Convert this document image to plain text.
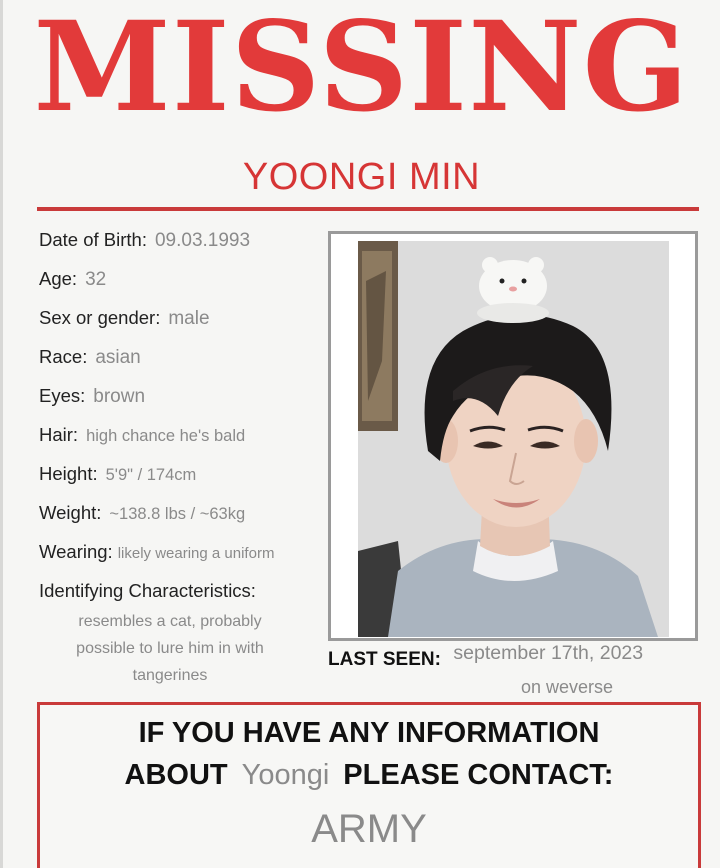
MISSING
YOONGI MIN
Date of Birth: 09.03.1993
Age: 32
Sex or gender: male
Race: asian
Eyes: brown
Hair: high chance he's bald
Height: 5'9" / 174cm
Weight: ~138.8 lbs / ~63kg
Wearing: likely wearing a uniform
Identifying Characteristics:
resembles a cat, probably
possible to lure him in with
tangerines
LAST SEEN: september 17th, 2023
on weverse
IF YOU HAVE ANY INFORMATION
ABOUT Yoongi PLEASE CONTACT:
ARMY
